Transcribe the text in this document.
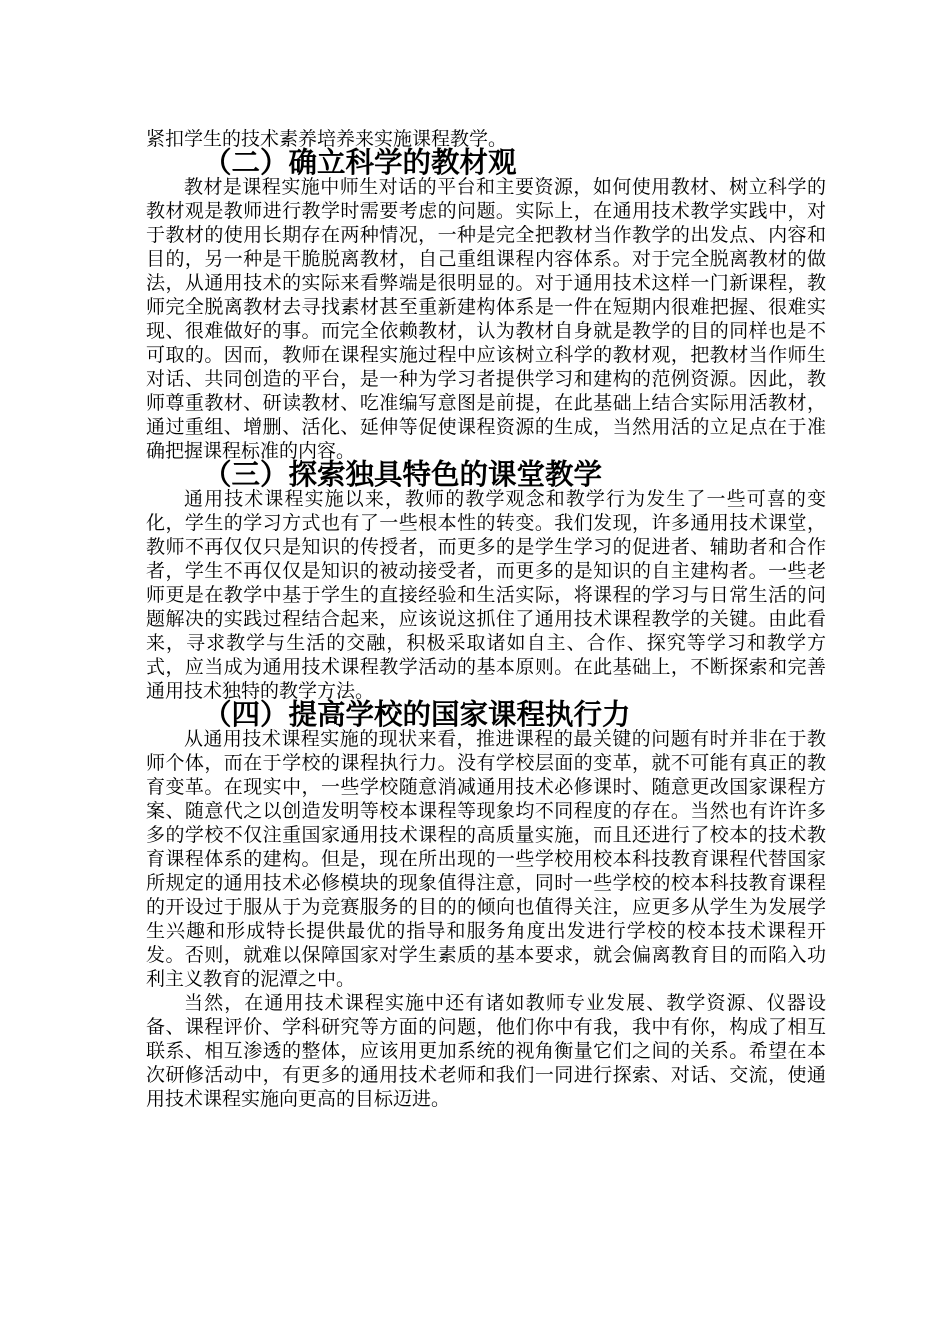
紧扣学生的技术素养培养来实施课程教学。

（二）确立科学的教材观

教材是课程实施中师生对话的平台和主要资源，如何使用教材、树立科学的教材观是教师进行教学时需要考虑的问题。实际上，在通用技术教学实践中，对于教材的使用长期存在两种情况，一种是完全把教材当作教学的出发点、内容和目的，另一种是干脆脱离教材，自己重组课程内容体系。对于完全脱离教材的做法，从通用技术的实际来看弊端是很明显的。对于通用技术这样一门新课程，教师完全脱离教材去寻找素材甚至重新建构体系是一件在短期内很难把握、很难实现、很难做好的事。而完全依赖教材，认为教材自身就是教学的目的同样也是不可取的。因而，教师在课程实施过程中应该树立科学的教材观，把教材当作师生对话、共同创造的平台，是一种为学习者提供学习和建构的范例资源。因此，教师尊重教材、研读教材、吃准编写意图是前提，在此基础上结合实际用活教材，通过重组、增删、活化、延伸等促使课程资源的生成，当然用活的立足点在于准确把握课程标准的内容。

（三）探索独具特色的课堂教学

通用技术课程实施以来，教师的教学观念和教学行为发生了一些可喜的变化，学生的学习方式也有了一些根本性的转变。我们发现，许多通用技术课堂，教师不再仅仅只是知识的传授者，而更多的是学生学习的促进者、辅助者和合作者，学生不再仅仅是知识的被动接受者，而更多的是知识的自主建构者。一些老师更是在教学中基于学生的直接经验和生活实际，将课程的学习与日常生活的问题解决的实践过程结合起来，应该说这抓住了通用技术课程教学的关键。由此看来，寻求教学与生活的交融，积极采取诸如自主、合作、探究等学习和教学方式，应当成为通用技术课程教学活动的基本原则。在此基础上，不断探索和完善通用技术独特的教学方法。

（四）提高学校的国家课程执行力

从通用技术课程实施的现状来看，推进课程的最关键的问题有时并非在于教师个体，而在于学校的课程执行力。没有学校层面的变革，就不可能有真正的教育变革。在现实中，一些学校随意消减通用技术必修课时、随意更改国家课程方案、随意代之以创造发明等校本课程等现象均不同程度的存在。当然也有许许多多的学校不仅注重国家通用技术课程的高质量实施，而且还进行了校本的技术教育课程体系的建构。但是，现在所出现的一些学校用校本科技教育课程代替国家所规定的通用技术必修模块的现象值得注意，同时一些学校的校本科技教育课程的开设过于服从于为竞赛服务的目的的倾向也值得关注，应更多从学生为发展学生兴趣和形成特长提供最优的指导和服务角度出发进行学校的校本技术课程开发。否则，就难以保障国家对学生素质的基本要求，就会偏离教育目的而陷入功利主义教育的泥潭之中。

当然，在通用技术课程实施中还有诸如教师专业发展、教学资源、仪器设备、课程评价、学科研究等方面的问题，他们你中有我，我中有你，构成了相互联系、相互渗透的整体，应该用更加系统的视角衡量它们之间的关系。希望在本次研修活动中，有更多的通用技术老师和我们一同进行探索、对话、交流，使通用技术课程实施向更高的目标迈进。
